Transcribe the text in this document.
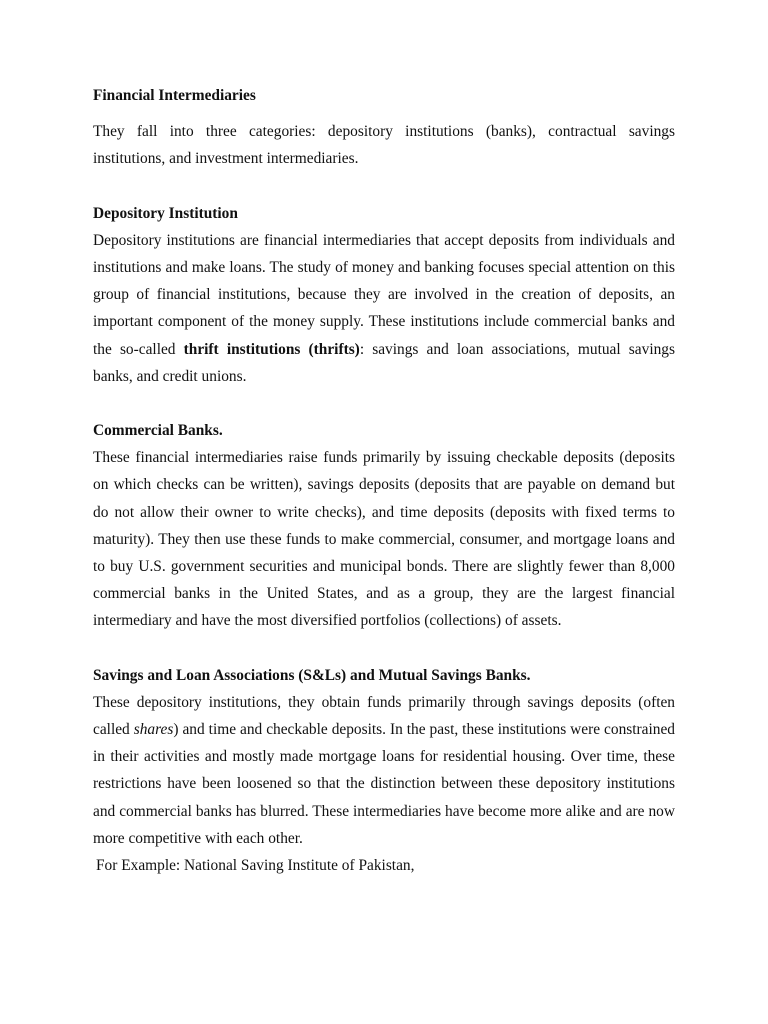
Financial Intermediaries

They fall into three categories: depository institutions (banks), contractual savings institutions, and investment intermediaries.

Depository Institution

Depository institutions are financial intermediaries that accept deposits from individuals and institutions and make loans. The study of money and banking focuses special attention on this group of financial institutions, because they are involved in the creation of deposits, an important component of the money supply. These institutions include commercial banks and the so-called thrift institutions (thrifts): savings and loan associations, mutual savings banks, and credit unions.

Commercial Banks.

These financial intermediaries raise funds primarily by issuing checkable deposits (deposits on which checks can be written), savings deposits (deposits that are payable on demand but do not allow their owner to write checks), and time deposits (deposits with fixed terms to maturity). They then use these funds to make commercial, consumer, and mortgage loans and to buy U.S. government securities and municipal bonds. There are slightly fewer than 8,000 commercial banks in the United States, and as a group, they are the largest financial intermediary and have the most diversified portfolios (collections) of assets.

Savings and Loan Associations (S&Ls) and Mutual Savings Banks.

These depository institutions, they obtain funds primarily through savings deposits (often called shares) and time and checkable deposits. In the past, these institutions were constrained in their activities and mostly made mortgage loans for residential housing. Over time, these restrictions have been loosened so that the distinction between these depository institutions and commercial banks has blurred. These intermediaries have become more alike and are now more competitive with each other.

For Example: National Saving Institute of Pakistan,
